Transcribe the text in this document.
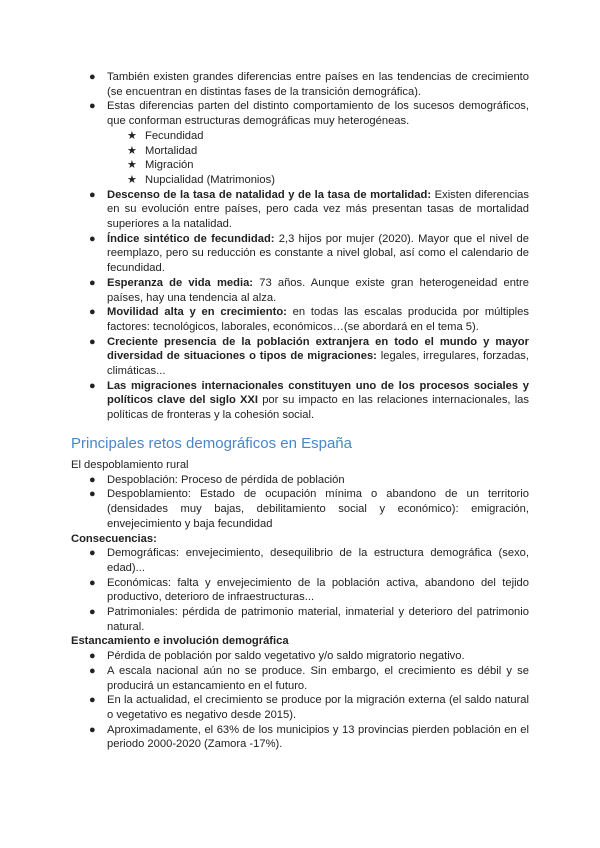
● También existen grandes diferencias entre países en las tendencias de crecimiento (se encuentran en distintas fases de la transición demográfica).
● Estas diferencias parten del distinto comportamiento de los sucesos demográficos, que conforman estructuras demográficas muy heterogéneas.
★ Fecundidad
★ Mortalidad
★ Migración
★ Nupcialidad (Matrimonios)
● Descenso de la tasa de natalidad y de la tasa de mortalidad: Existen diferencias en su evolución entre países, pero cada vez más presentan tasas de mortalidad superiores a la natalidad.
● Índice sintético de fecundidad: 2,3 hijos por mujer (2020). Mayor que el nivel de reemplazo, pero su reducción es constante a nivel global, así como el calendario de fecundidad.
● Esperanza de vida media: 73 años. Aunque existe gran heterogeneidad entre países, hay una tendencia al alza.
● Movilidad alta y en crecimiento: en todas las escalas producida por múltiples factores: tecnológicos, laborales, económicos…(se abordará en el tema 5).
● Creciente presencia de la población extranjera en todo el mundo y mayor diversidad de situaciones o tipos de migraciones: legales, irregulares, forzadas, climáticas...
● Las migraciones internacionales constituyen uno de los procesos sociales y políticos clave del siglo XXI por su impacto en las relaciones internacionales, las políticas de fronteras y la cohesión social.
Principales retos demográficos en España
El despoblamiento rural
● Despoblación: Proceso de pérdida de población
● Despoblamiento: Estado de ocupación mínima o abandono de un territorio (densidades muy bajas, debilitamiento social y económico): emigración, envejecimiento y baja fecundidad
Consecuencias:
● Demográficas: envejecimiento, desequilibrio de la estructura demográfica (sexo, edad)...
● Económicas: falta y envejecimiento de la población activa, abandono del tejido productivo, deterioro de infraestructuras...
● Patrimoniales: pérdida de patrimonio material, inmaterial y deterioro del patrimonio natural.
Estancamiento e involución demográfica
● Pérdida de población por saldo vegetativo y/o saldo migratorio negativo.
● A escala nacional aún no se produce. Sin embargo, el crecimiento es débil y se producirá un estancamiento en el futuro.
● En la actualidad, el crecimiento se produce por la migración externa (el saldo natural o vegetativo es negativo desde 2015).
● Aproximadamente, el 63% de los municipios y 13 provincias pierden población en el periodo 2000-2020 (Zamora -17%).
